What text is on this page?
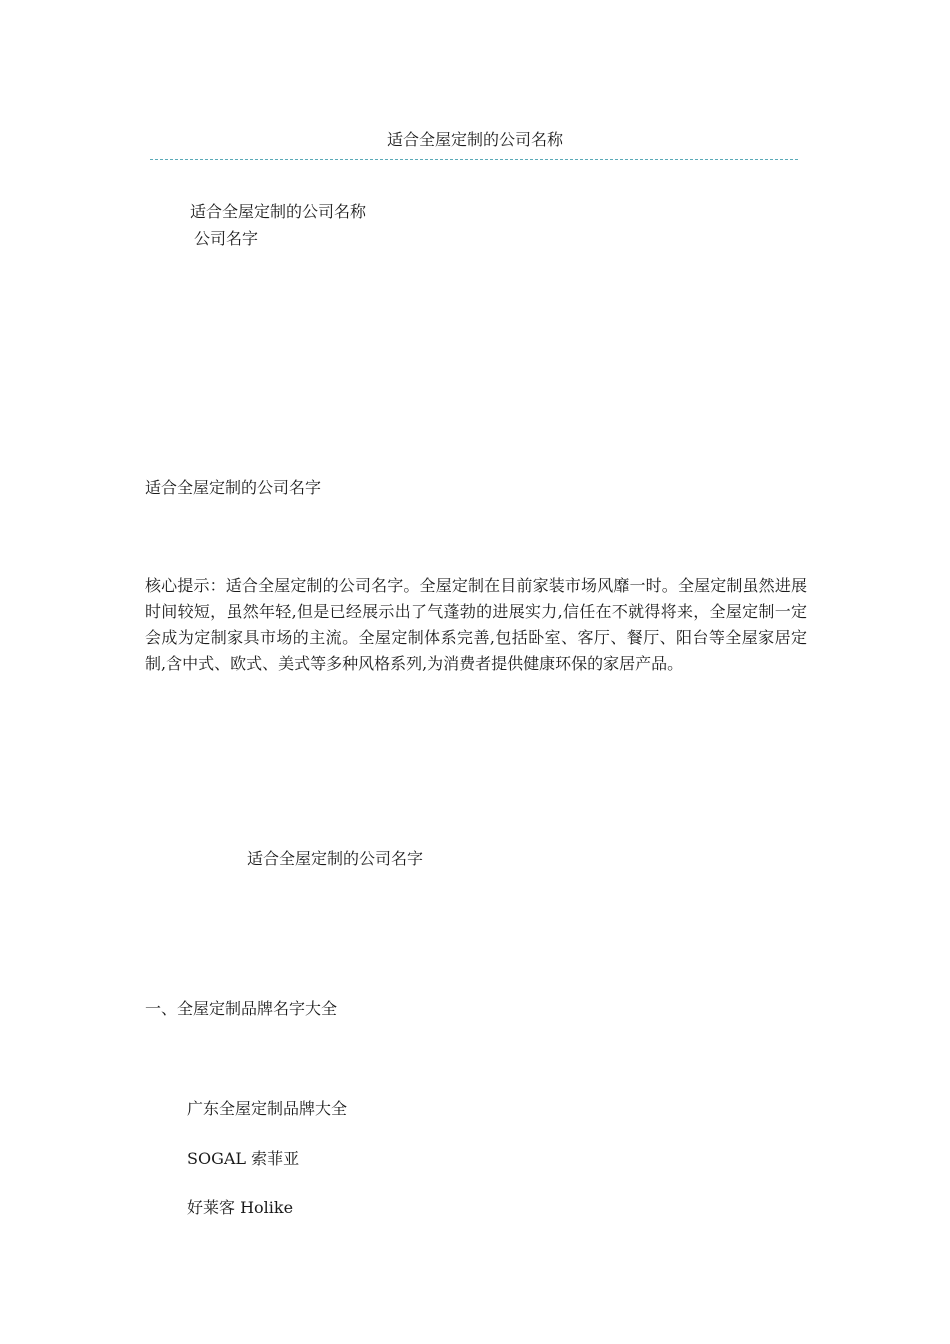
适合全屋定制的公司名称
适合全屋定制的公司名称
公司名字
适合全屋定制的公司名字
核心提示：适合全屋定制的公司名字。全屋定制在目前家装市场风靡一时。全屋定制虽然进展时间较短，虽然年轻,但是已经展示出了气蓬勃的进展实力,信任在不就得将来，全屋定制一定会成为定制家具市场的主流。全屋定制体系完善,包括卧室、客厅、餐厅、阳台等全屋家居定制,含中式、欧式、美式等多种风格系列,为消费者提供健康环保的家居产品。
适合全屋定制的公司名字
一、全屋定制品牌名字大全
广东全屋定制品牌大全
SOGAL 索菲亚
好莱客 Holike
